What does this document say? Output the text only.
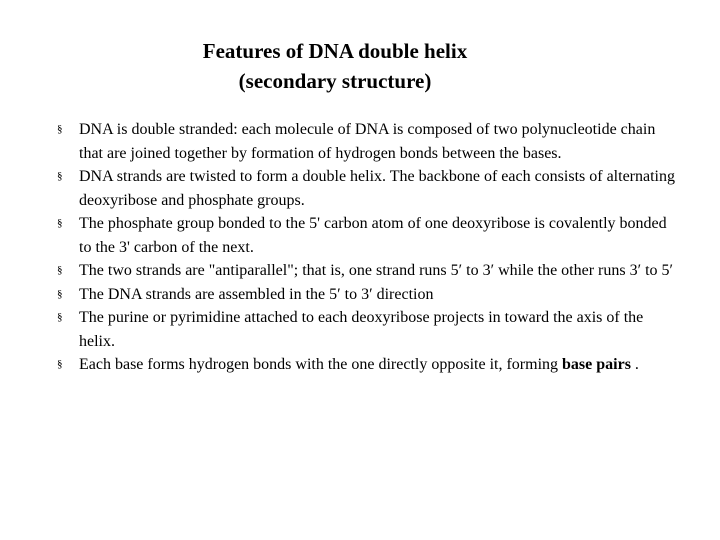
Features of DNA double helix
(secondary structure)
§ DNA is double stranded: each molecule of DNA is composed of two polynucleotide chain that are joined together by formation of hydrogen bonds between the bases.
§ DNA strands are twisted to form a double helix. The backbone of each consists of alternating deoxyribose and phosphate groups.
§ The phosphate group bonded to the 5' carbon atom of one deoxyribose is covalently bonded to the 3' carbon of the next.
§ The two strands are "antiparallel"; that is, one strand runs 5′ to 3′ while the other runs 3′ to 5′
§ The DNA strands are assembled in the 5′ to 3′ direction
§ The purine or pyrimidine attached to each deoxyribose projects in toward the axis of the helix.
§ Each base forms hydrogen bonds with the one directly opposite it, forming base pairs .
